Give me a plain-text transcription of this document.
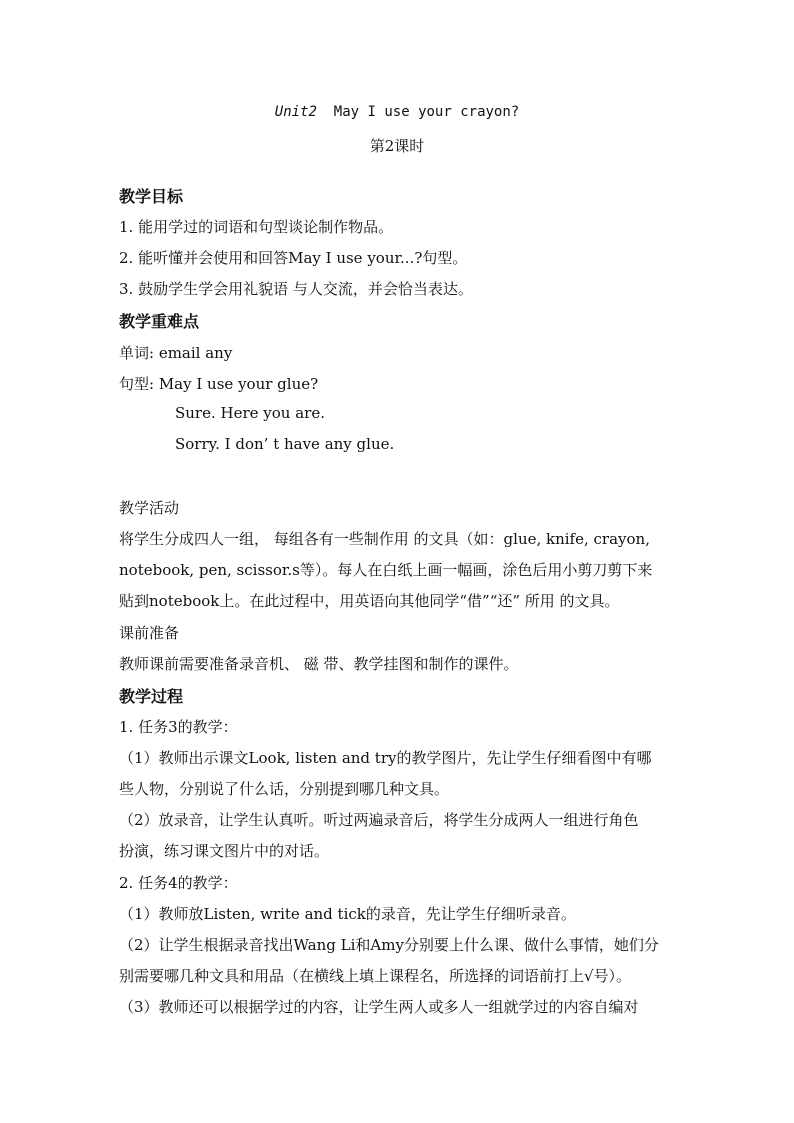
Unit2 May I use your crayon?
第2课时
教学目标
1. 能用学过的词语和句型谈论制作物品。
2. 能听懂并会使用和回答May I use your...?句型。
3. 鼓励学生学会用礼貌语 与人交流，并会恰当表达。
教学重难点
单词: email any
句型: May I use your glue?
Sure. Here you are.
Sorry. I don’ t have any glue.
教学活动
将学生分成四人一组， 每组各有一些制作用 的文具（如：glue, knife, crayon,
notebook, pen, scissor.s等）。每人在白纸上画一幅画，涂色后用小剪刀剪下来
贴到notebook上。在此过程中，用英语向其他同学“借”“还” 所用 的文具。
课前准备
教师课前需要准备录音机、 磁 带、教学挂图和制作的课件。
教学过程
1. 任务3的教学：
（1）教师出示课文Look, listen and try的教学图片，先让学生仔细看图中有哪
些人物，分别说了什么话，分别提到哪几种文具。
（2）放录音，让学生认真听。听过两遍录音后，将学生分成两人一组进行角色
扮演，练习课文图片中的对话。
2. 任务4的教学：
（1）教师放Listen, write and tick的录音，先让学生仔细听录音。
（2）让学生根据录音找出Wang Li和Amy分别要上什么课、做什么事情，她们分
别需要哪几种文具和用品（在横线上填上课程名，所选择的词语前打上√号）。
（3）教师还可以根据学过的内容，让学生两人或多人一组就学过的内容自编对
